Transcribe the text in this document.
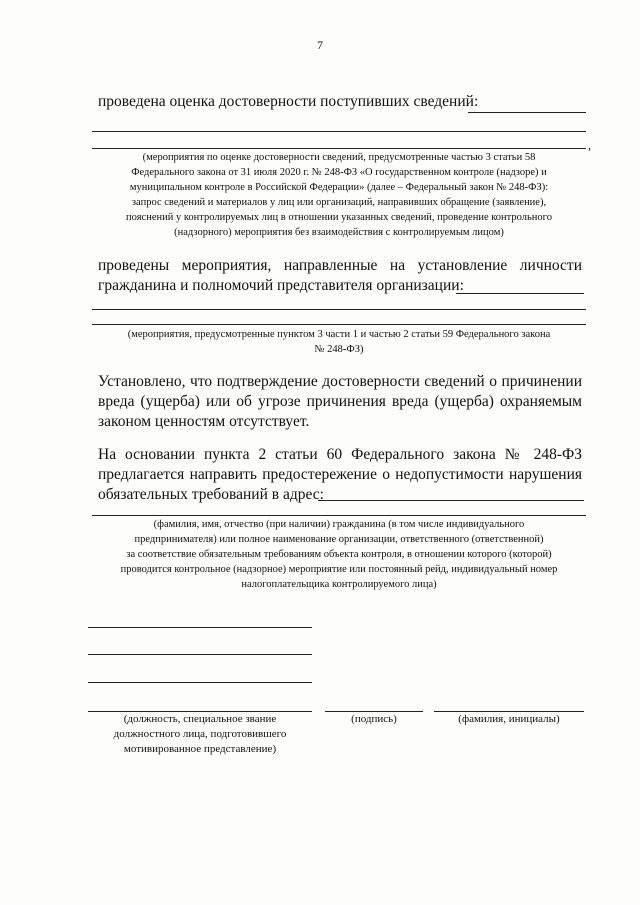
7
проведена оценка достоверности поступивших сведений:
,
(мероприятия по оценке достоверности сведений, предусмотренные частью 3 статьи 58
Федерального закона от 31 июля 2020 г. № 248-ФЗ «О государственном контроле (надзоре) и
муниципальном контроле в Российской Федерации» (далее – Федеральный закон № 248-ФЗ):
запрос сведений и материалов у лиц или организаций, направивших обращение (заявление),
пояснений у контролируемых лиц в отношении указанных сведений, проведение контрольного
(надзорного) мероприятия без взаимодействия с контролируемым лицом)
проведены мероприятия, направленные на установление личности
гражданина и полномочий представителя организации:
(мероприятия, предусмотренные пунктом 3 части 1 и частью 2 статьи 59 Федерального закона
№ 248-ФЗ)
Установлено, что подтверждение достоверности сведений о причинении
вреда (ущерба) или об угрозе причинения вреда (ущерба) охраняемым
законом ценностям отсутствует.
На основании пункта 2 статьи 60 Федерального закона № 248-ФЗ
предлагается направить предостережение о недопустимости нарушения
обязательных требований в адрес:
(фамилия, имя, отчество (при наличии) гражданина (в том числе индивидуального
предпринимателя) или полное наименование организации, ответственного (ответственной)
за соответствие обязательным требованиям объекта контроля, в отношении которого (которой)
проводится контрольное (надзорное) мероприятие или постоянный рейд, индивидуальный номер
налогоплательщика контролируемого лица)
(должность, специальное звание
должностного лица, подготовившего
мотивированное представление)
(подпись)	(фамилия, инициалы)
